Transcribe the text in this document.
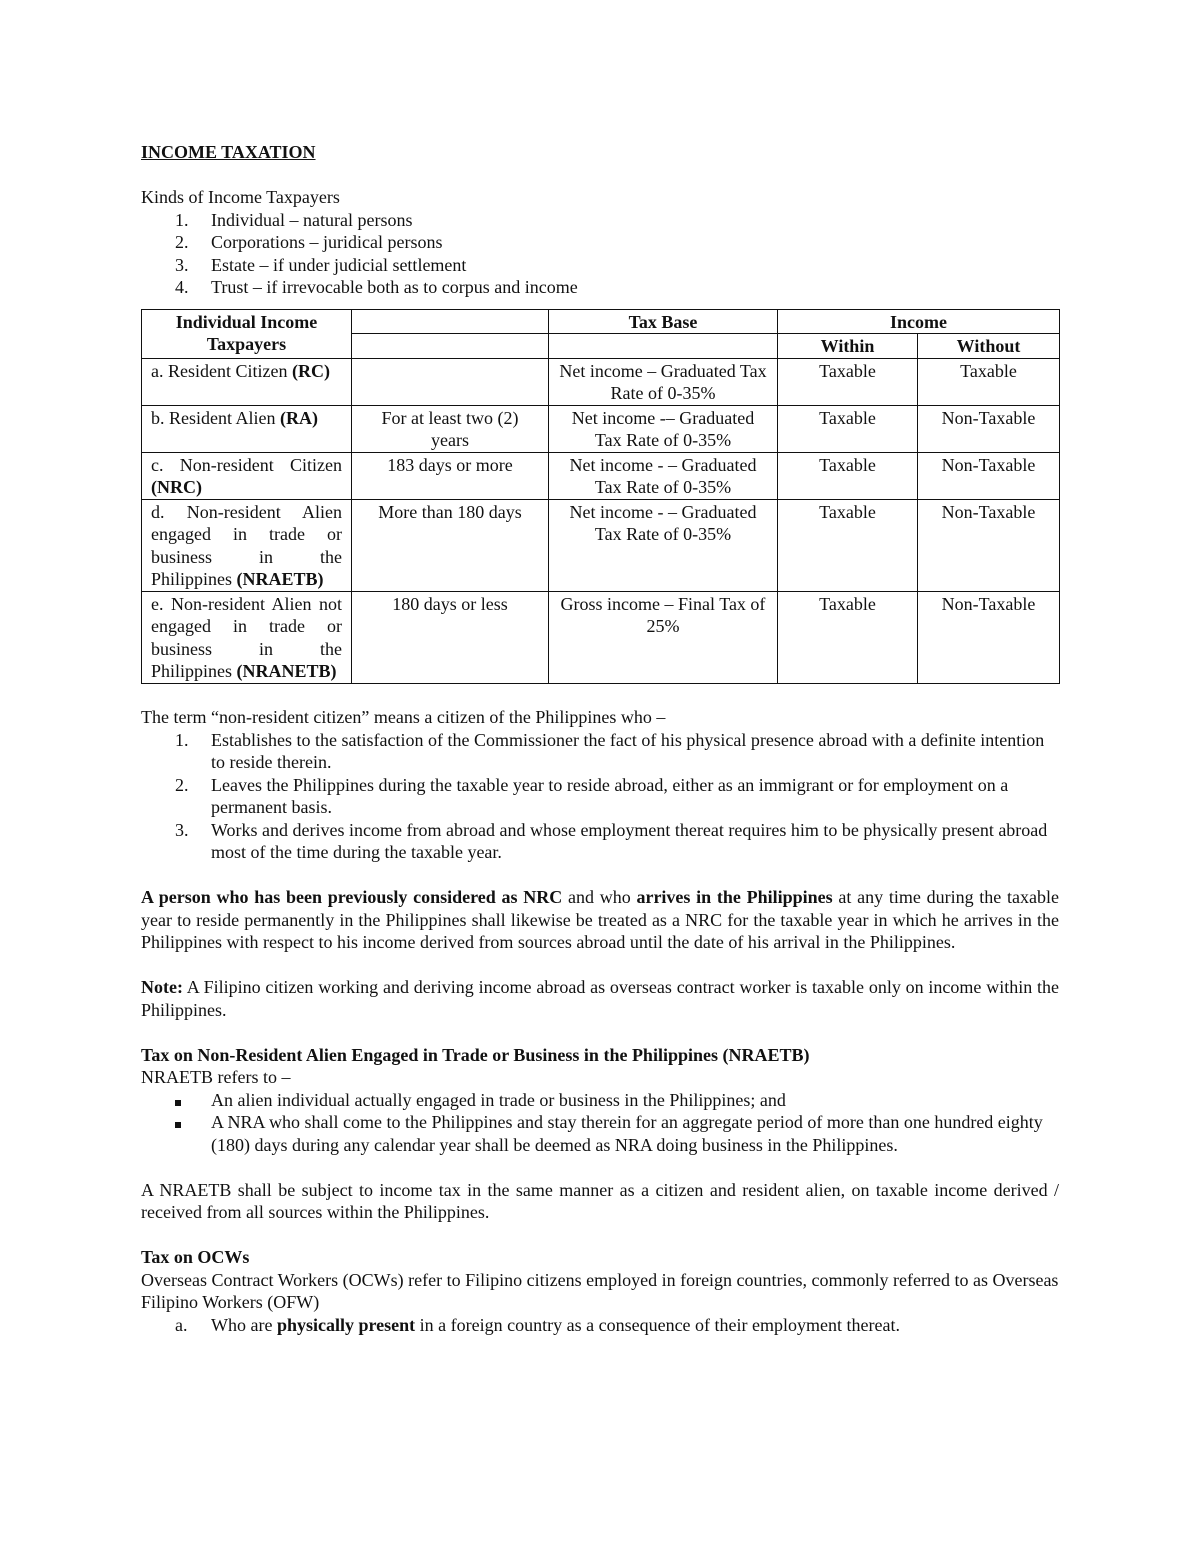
INCOME TAXATION

Kinds of Income Taxpayers

1.	Individual – natural persons
2.	Corporations – juridical persons
3.	Estate – if under judicial settlement
4.	Trust – if irrevocable both as to corpus and income
Individual Income Taxpayers		Tax Base	Income	
			Within	Without
a. Resident Citizen (RC)		Net income – Graduated Tax Rate of 0-35%	Taxable	Taxable
b. Resident Alien (RA)	For at least two (2) years	Net income -– Graduated Tax Rate of 0-35%	Taxable	Non-Taxable
c. Non-resident Citizen (NRC)	183 days or more	Net income - – Graduated Tax Rate of 0-35%	Taxable	Non-Taxable
d. Non-resident Alien engaged in trade or business in the Philippines (NRAETB)	More than 180 days	Net income - – Graduated Tax Rate of 0-35%	Taxable	Non-Taxable
e. Non-resident Alien not engaged in trade or business in the Philippines (NRANETB)	180 days or less	Gross income – Final Tax of 25%	Taxable	Non-Taxable

The term “non-resident citizen” means a citizen of the Philippines who –

1.	Establishes to the satisfaction of the Commissioner the fact of his physical presence abroad with a definite intention to reside therein.
2.	Leaves the Philippines during the taxable year to reside abroad, either as an immigrant or for employment on a permanent basis.
3.	Works and derives income from abroad and whose employment thereat requires him to be physically present abroad most of the time during the taxable year.

A person who has been previously considered as NRC and who arrives in the Philippines at any time during the taxable year to reside permanently in the Philippines shall likewise be treated as a NRC for the taxable year in which he arrives in the Philippines with respect to his income derived from sources abroad until the date of his arrival in the Philippines.

Note: A Filipino citizen working and deriving income abroad as overseas contract worker is taxable only on income within the Philippines.

Tax on Non-Resident Alien Engaged in Trade or Business in the Philippines (NRAETB)

NRAETB refers to –

An alien individual actually engaged in trade or business in the Philippines; and
A NRA who shall come to the Philippines and stay therein for an aggregate period of more than one hundred eighty (180) days during any calendar year shall be deemed as NRA doing business in the Philippines.

A NRAETB shall be subject to income tax in the same manner as a citizen and resident alien, on taxable income derived / received from all sources within the Philippines.

Tax on OCWs

Overseas Contract Workers (OCWs) refer to Filipino citizens employed in foreign countries, commonly referred to as Overseas Filipino Workers (OFW)

a.	Who are physically present in a foreign country as a consequence of their employment thereat.
